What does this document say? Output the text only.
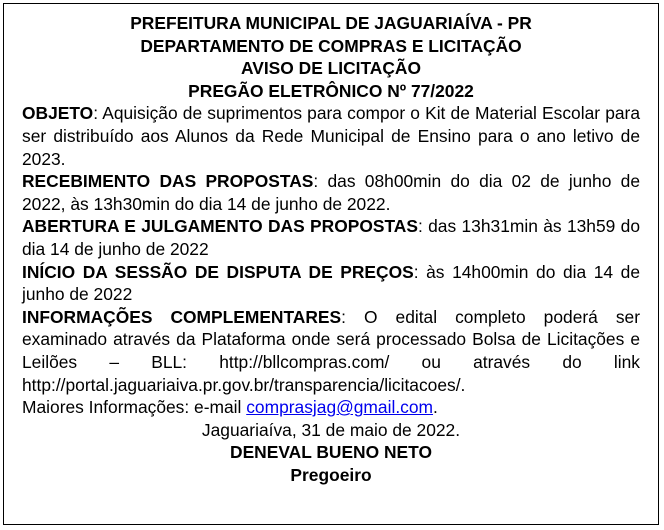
PREFEITURA MUNICIPAL DE JAGUARIAÍVA - PR

DEPARTAMENTO DE COMPRAS E LICITAÇÃO

AVISO DE LICITAÇÃO

PREGÃO ELETRÔNICO Nº 77/2022

OBJETO: Aquisição de suprimentos para compor o Kit de Material Escolar para ser distribuído aos Alunos da Rede Municipal de Ensino para o ano letivo de 2023.

RECEBIMENTO DAS PROPOSTAS: das 08h00min do dia 02 de junho de 2022, às 13h30min do dia 14 de junho de 2022.

ABERTURA E JULGAMENTO DAS PROPOSTAS: das 13h31min às 13h59 do dia 14 de junho de 2022

INÍCIO DA SESSÃO DE DISPUTA DE PREÇOS: às 14h00min do dia 14 de junho de 2022

INFORMAÇÕES COMPLEMENTARES: O edital completo poderá ser examinado através da Plataforma onde será processado Bolsa de Licitações e Leilões – BLL: http://bllcompras.com/ ou através do link http://portal.jaguariaiva.pr.gov.br/transparencia/licitacoes/.

Maiores Informações: e-mail comprasjag@gmail.com.

Jaguariaíva, 31 de maio de 2022.

DENEVAL BUENO NETO

Pregoeiro
